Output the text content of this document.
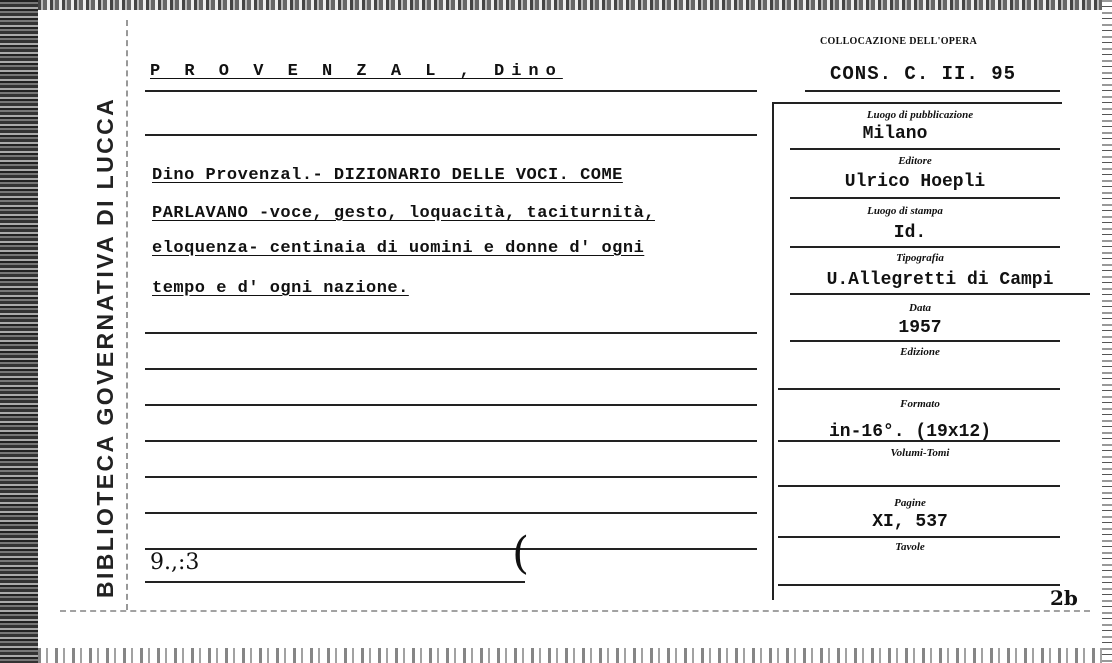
BIBLIOTECA GOVERNATIVA DI LUCCA
P R O V E N Z A L , Dino
COLLOCAZIONE DELL'OPERA
CONS. C. II. 95
Dino Provenzal.- DIZIONARIO DELLE VOCI. COME
PARLAVANO -voce, gesto, loquacità, taciturnità,
eloquenza- centinaia di uomini e donne d' ogni
tempo e d' ogni nazione.
9.,:3	(
Luogo di pubblicazione
Milano
Editore
Ulrico Hoepli
Luogo di stampa
Id.
Tipografia
U.Allegretti di Campi
Data
1957
Edizione
Formato
in-16°. (19x12)
Volumi-Tomi
Pagine
XI, 537
Tavole
2b
